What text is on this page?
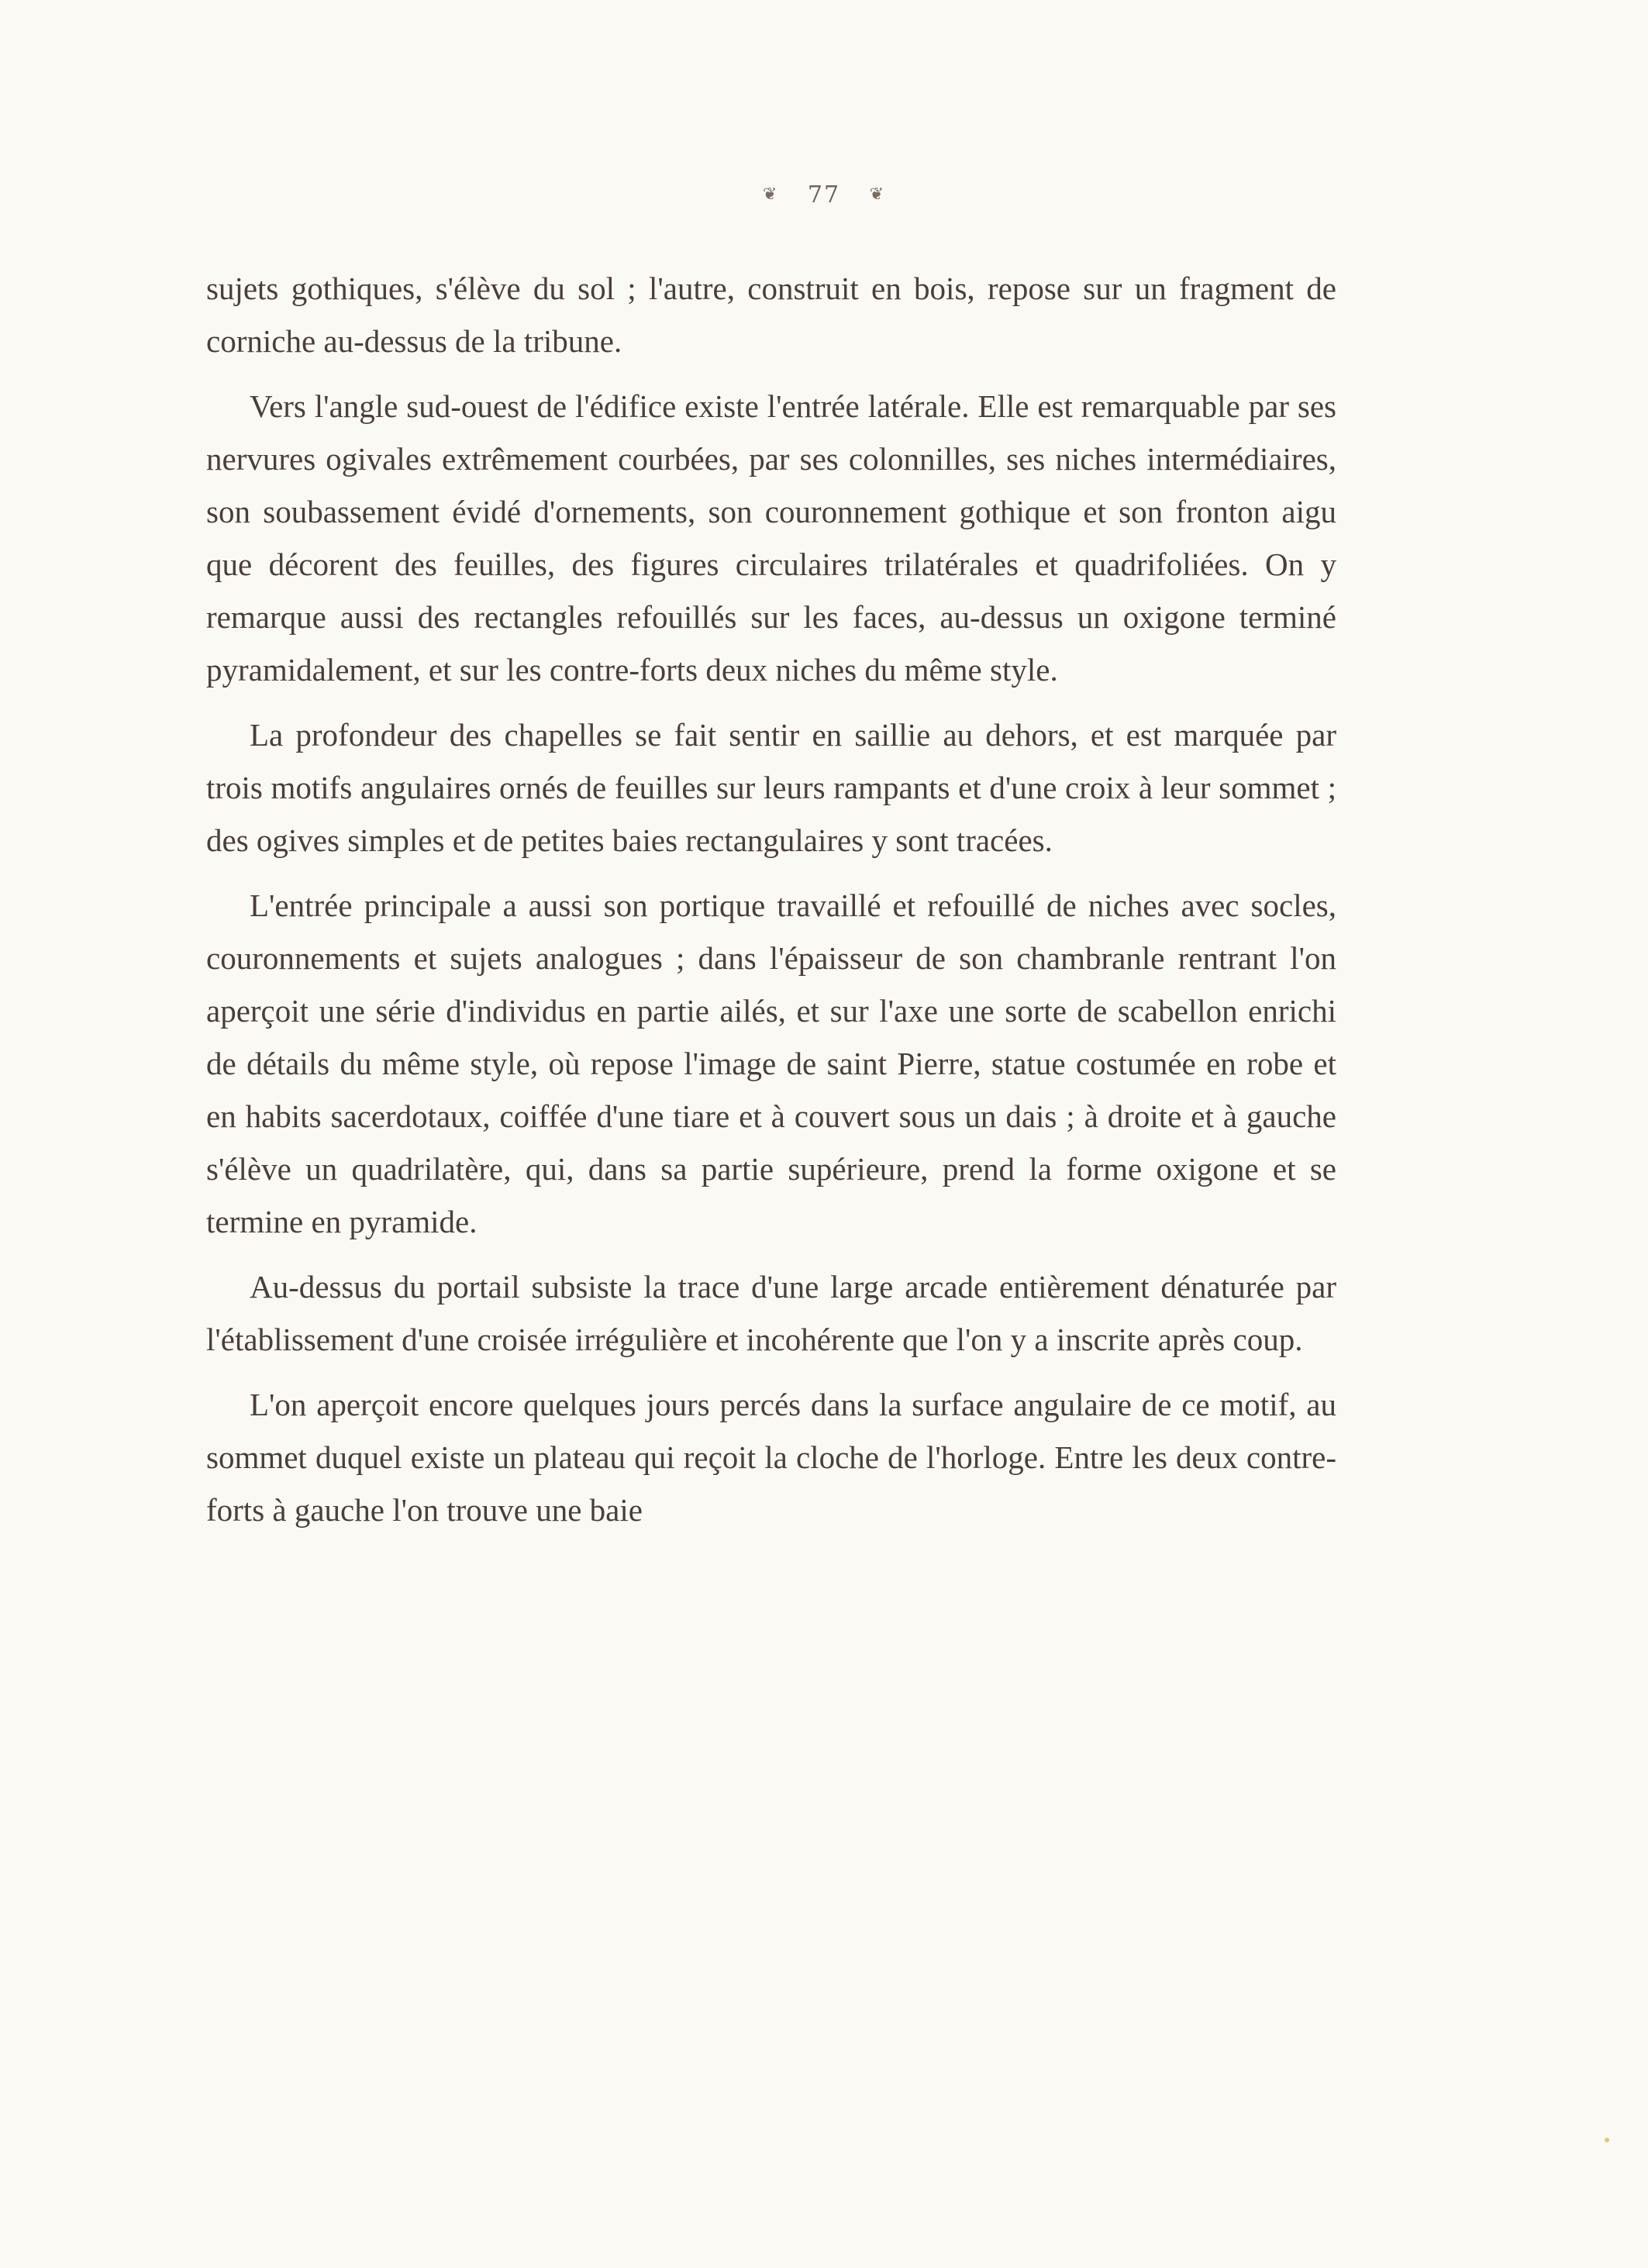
❦ 77 ❦

sujets gothiques, s'élève du sol ; l'autre, construit en bois, repose sur un fragment de corniche au-dessus de la tribune.

Vers l'angle sud-ouest de l'édifice existe l'entrée latérale. Elle est remarquable par ses nervures ogivales extrêmement courbées, par ses colonnilles, ses niches intermédiaires, son soubassement évidé d'ornements, son couronnement gothique et son fronton aigu que décorent des feuilles, des figures circulaires trilatérales et quadrifoliées. On y remarque aussi des rectangles refouillés sur les faces, au-dessus un oxigone terminé pyramidalement, et sur les contre-forts deux niches du même style.

La profondeur des chapelles se fait sentir en saillie au dehors, et est marquée par trois motifs angulaires ornés de feuilles sur leurs rampants et d'une croix à leur sommet ; des ogives simples et de petites baies rectangulaires y sont tracées.

L'entrée principale a aussi son portique travaillé et refouillé de niches avec socles, couronnements et sujets analogues ; dans l'épaisseur de son chambranle rentrant l'on aperçoit une série d'individus en partie ailés, et sur l'axe une sorte de scabellon enrichi de détails du même style, où repose l'image de saint Pierre, statue costumée en robe et en habits sacerdotaux, coiffée d'une tiare et à couvert sous un dais ; à droite et à gauche s'élève un quadrilatère, qui, dans sa partie supérieure, prend la forme oxigone et se termine en pyramide.

Au-dessus du portail subsiste la trace d'une large arcade entièrement dénaturée par l'établissement d'une croisée irrégulière et incohérente que l'on y a inscrite après coup.

L'on aperçoit encore quelques jours percés dans la surface angulaire de ce motif, au sommet duquel existe un plateau qui reçoit la cloche de l'horloge. Entre les deux contre-forts à gauche l'on trouve une baie
